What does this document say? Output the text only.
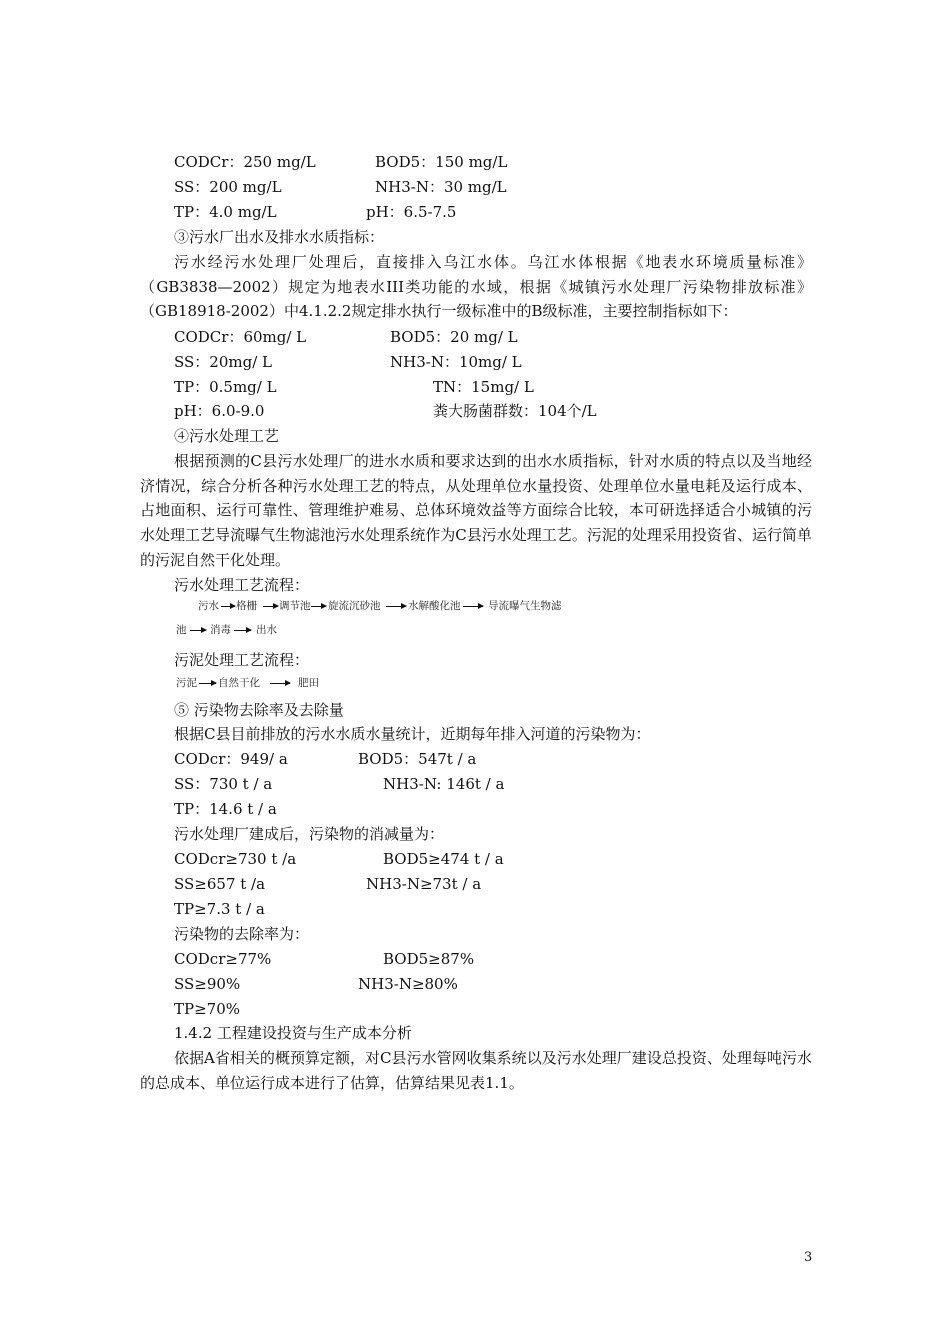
CODCr：250 mg/L	BOD5：150 mg/L
SS：200 mg/L	NH3-N：30 mg/L
TP：4.0 mg/L	pH：6.5-7.5
③污水厂出水及排水水质指标：
污水经污水处理厂处理后，直接排入乌江水体。乌江水体根据《地表水环境质量标准》（GB3838—2002）规定为地表水III类功能的水域，根据《城镇污水处理厂污染物排放标准》（GB18918-2002）中4.1.2.2规定排水执行一级标准中的B级标准，主要控制指标如下：
CODCr：60mg/ L	BOD5：20 mg/ L
SS：20mg/ L	NH3-N：10mg/ L
TP：0.5mg/ L	TN：15mg/ L
pH：6.0-9.0	粪大肠菌群数：104个/L
④污水处理工艺
根据预测的C县污水处理厂的进水水质和要求达到的出水水质指标，针对水质的特点以及当地经济情况，综合分析各种污水处理工艺的特点，从处理单位水量投资、处理单位水量电耗及运行成本、占地面积、运行可靠性、管理维护难易、总体环境效益等方面综合比较，本可研选择适合小城镇的污水处理工艺导流曝气生物滤池污水处理系统作为C县污水处理工艺。污泥的处理采用投资省、运行简单的污泥自然干化处理。
污水处理工艺流程：
污水 格栅 调节池 旋流沉砂池	水解酸化池	导流曝气生物滤
池 消毒 出水
污泥处理工艺流程：
污泥 自然干化	肥田
⑤ 污染物去除率及去除量
根据C县目前排放的污水水质水量统计，近期每年排入河道的污染物为：
CODcr：949/ a	BOD5：547t / a
SS：730 t / a	NH3-N: 146t / a
TP：14.6 t / a
污水处理厂建成后，污染物的消减量为：
CODcr≥730 t /a	BOD5≥474 t / a
SS≥657 t /a	NH3-N≥73t / a
TP≥7.3 t / a
污染物的去除率为：
CODcr≥77%	BOD5≥87%
SS≥90%	NH3-N≥80%
TP≥70%
1.4.2 工程建设投资与生产成本分析
依据A省相关的概预算定额，对C县污水管网收集系统以及污水处理厂建设总投资、处理每吨污水的总成本、单位运行成本进行了估算，估算结果见表1.1。
3
